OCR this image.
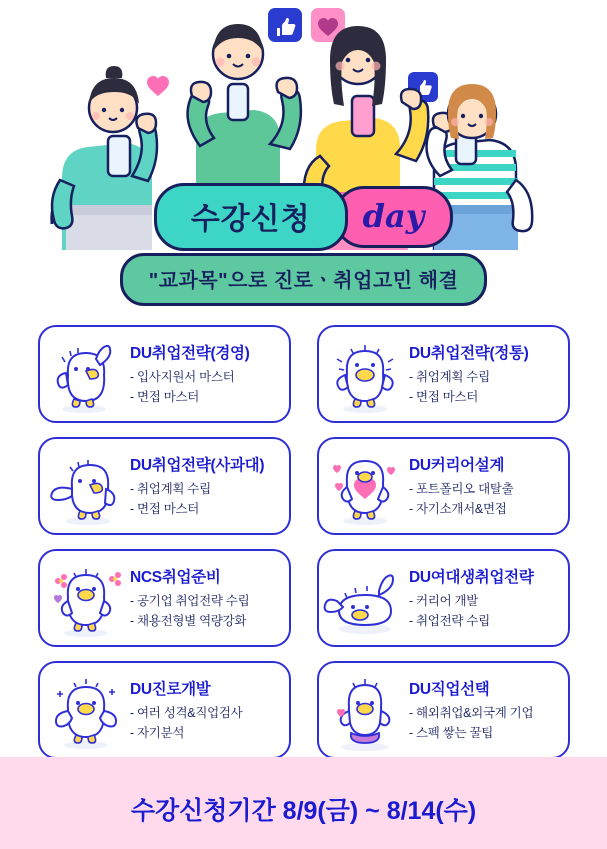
수강신청	day
"교과목"으로 진로ㆍ취업고민 해결
DU취업전략(경영)
- 입사지원서 마스터
- 면접 마스터
DU취업전략(정통)
- 취업계획 수립
- 면접 마스터
DU취업전략(사과대)
- 취업계획 수립
- 면접 마스터
DU커리어설계
- 포트폴리오 대탈출
- 자기소개서&면접
NCS취업준비
- 공기업 취업전략 수립
- 채용전형별 역량강화
DU여대생취업전략
- 커리어 개발
- 취업전략 수립
DU진로개발
- 여러 성격&직업검사
- 자기분석
DU직업선택
- 해외취업&외국계 기업
- 스펙 쌓는 꿀팁
수강신청기간 8/9(금) ~ 8/14(수)
